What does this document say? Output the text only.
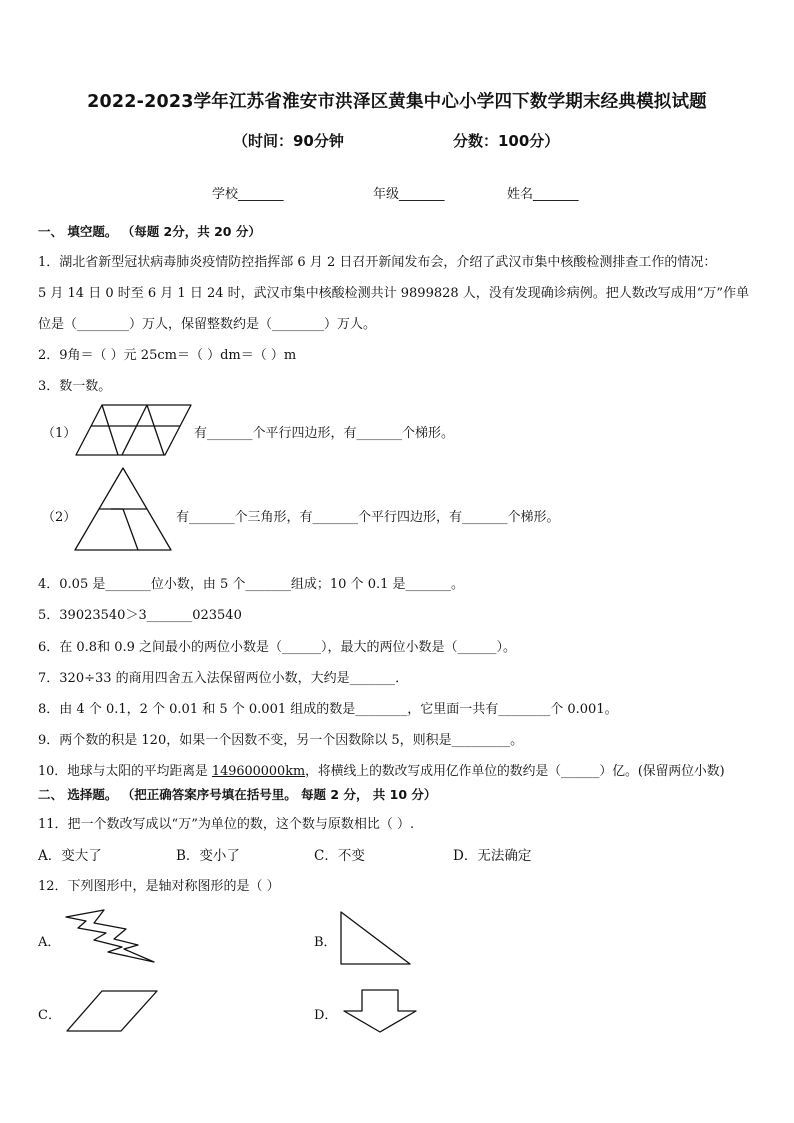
2022-2023学年江苏省淮安市洪泽区黄集中心小学四下数学期末经典模拟试题
（时间：90分钟	分数：100分）
学校_______	年级_______	姓名_______
一、 填空题。 （每题 2分，共 20 分）
1．湖北省新型冠状病毒肺炎疫情防控指挥部 6 月 2 日召开新闻发布会，介绍了武汉市集中核酸检测排查工作的情况：
5 月 14 日 0 时至 6 月 1 日 24 时，武汉市集中核酸检测共计 9899828 人，没有发现确诊病例。把人数改写成用“万”作单
位是（________）万人，保留整数约是（________）万人。
2．9角＝（ ）元 25cm＝（ ）dm＝（ ）m
3．数一数。
（1）	有_______个平行四边形，有_______个梯形。
（2）	有_______个三角形，有_______个平行四边形，有_______个梯形。
4．0.05 是_______位小数，由 5 个_______组成；10 个 0.1 是_______。
5．39023540＞3_______023540
6．在 0.8和 0.9 之间最小的两位小数是（______），最大的两位小数是（______）。
7．320÷33 的商用四舍五入法保留两位小数，大约是_______．
8．由 4 个 0.1，2 个 0.01 和 5 个 0.001 组成的数是________，它里面一共有________个 0.001。
9．两个数的积是 120，如果一个因数不变，另一个因数除以 5，则积是_________。
10．地球与太阳的平均距离是 149600000km，将横线上的数改写成用亿作单位的数约是（______）亿。(保留两位小数)
二、 选择题。 （把正确答案序号填在括号里。 每题 2 分， 共 10 分）
11．把一个数改写成以“万”为单位的数，这个数与原数相比（ ）.
A．变大了	B．变小了	C．不变	D．无法确定
12．下列图形中，是轴对称图形的是（ ）
A．	B．
C．	D．
